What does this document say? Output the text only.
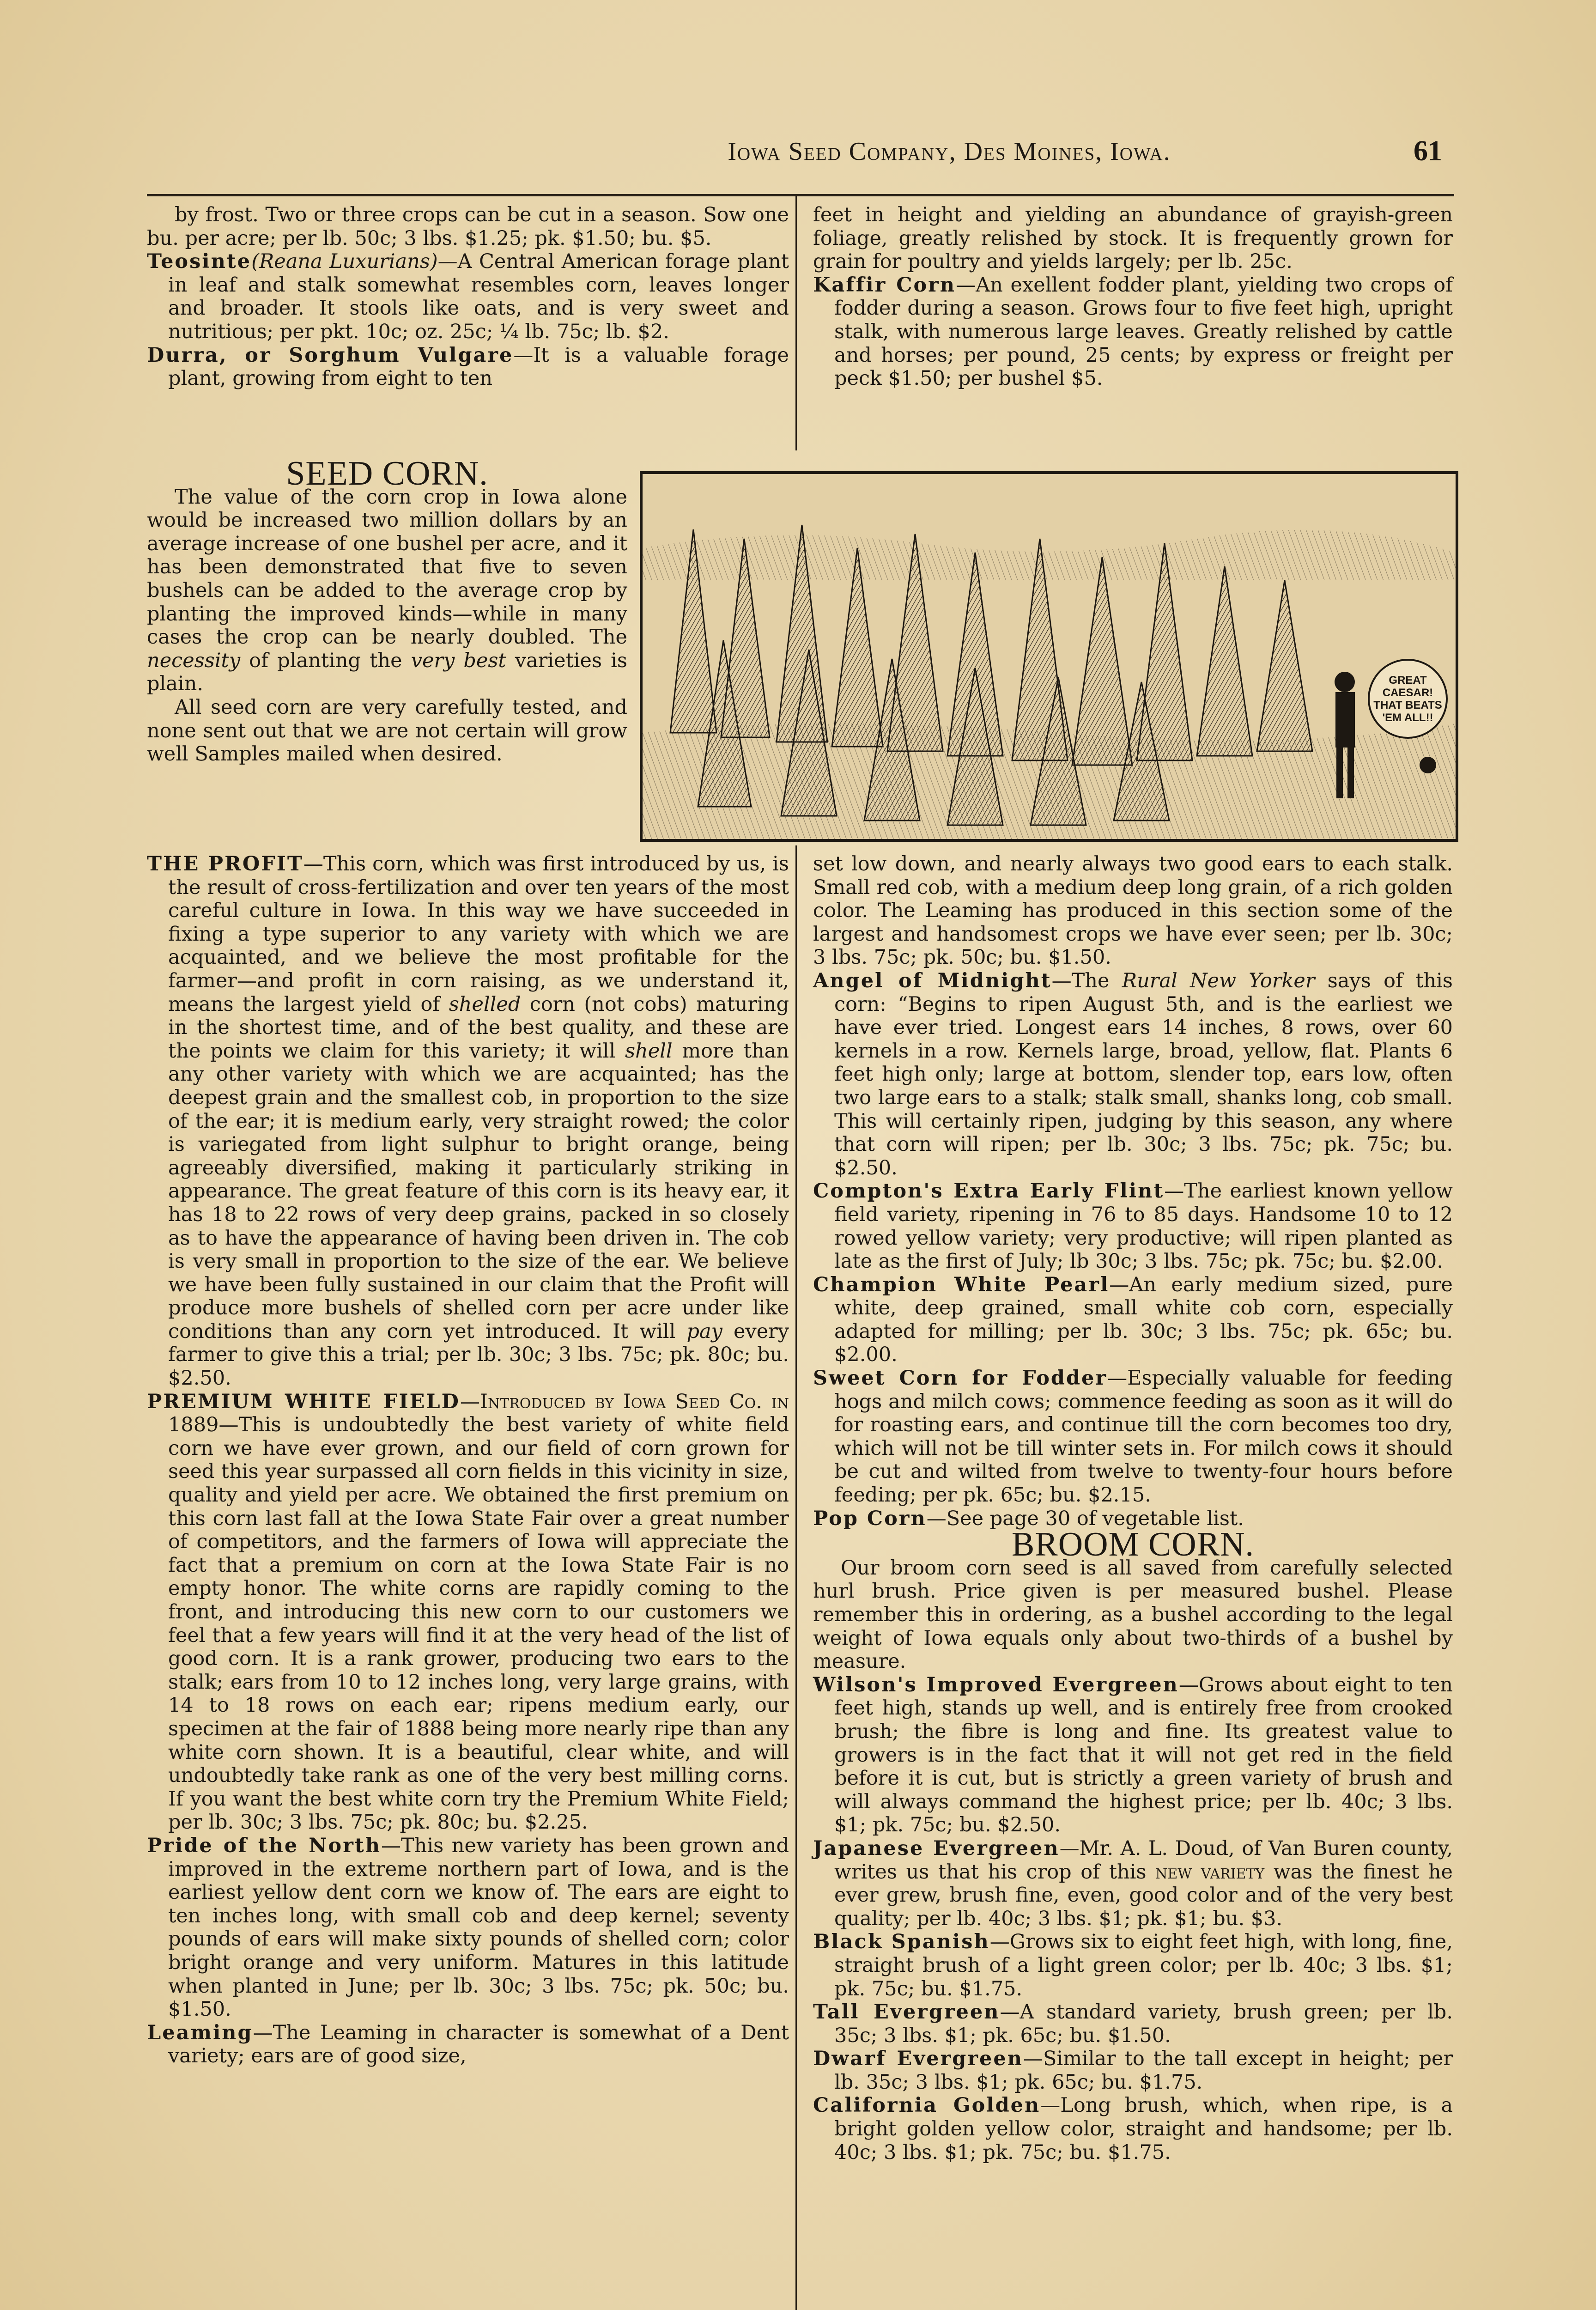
Iowa Seed Company, Des Moines, Iowa.	61

by frost. Two or three crops can be cut in a season. Sow one bu. per acre; per lb. 50c; 3 lbs. $1.25; pk. $1.50; bu. $5.

Teosinte(Reana Luxurians)—A Central American forage plant in leaf and stalk somewhat resembles corn, leaves longer and broader. It stools like oats, and is very sweet and nutritious; per pkt. 10c; oz. 25c; ¼ lb. 75c; lb. $2.

Durra, or Sorghum Vulgare—It is a valuable forage plant, growing from eight to ten

feet in height and yielding an abundance of grayish-green foliage, greatly relished by stock. It is frequently grown for grain for poultry and yields largely; per lb. 25c.

Kaffir Corn—An exellent fodder plant, yielding two crops of fodder during a season. Grows four to five feet high, upright stalk, with numerous large leaves. Greatly relished by cattle and horses; per pound, 25 cents; by express or freight per peck $1.50; per bushel $5.

SEED CORN.

The value of the corn crop in Iowa alone would be increased two million dollars by an average increase of one bushel per acre, and it has been demonstrated that five to seven bushels can be added to the average crop by planting the improved kinds—while in many cases the crop can be nearly doubled. The necessity of planting the very best varieties is plain.

All seed corn are very carefully tested, and none sent out that we are not certain will grow well Samples mailed when desired.

GREAT CAESAR! THAT BEATS 'EM ALL!!

THE PROFIT—This corn, which was first introduced by us, is the result of cross-fertilization and over ten years of the most careful culture in Iowa. In this way we have succeeded in fixing a type superior to any variety with which we are acquainted, and we believe the most profitable for the farmer—and profit in corn raising, as we understand it, means the largest yield of shelled corn (not cobs) maturing in the shortest time, and of the best quality, and these are the points we claim for this variety; it will shell more than any other variety with which we are acquainted; has the deepest grain and the smallest cob, in proportion to the size of the ear; it is medium early, very straight rowed; the color is variegated from light sulphur to bright orange, being agreeably diversified, making it particularly striking in appearance. The great feature of this corn is its heavy ear, it has 18 to 22 rows of very deep grains, packed in so closely as to have the appearance of having been driven in. The cob is very small in proportion to the size of the ear. We believe we have been fully sustained in our claim that the Profit will produce more bushels of shelled corn per acre under like conditions than any corn yet introduced. It will pay every farmer to give this a trial; per lb. 30c; 3 lbs. 75c; pk. 80c; bu. $2.50.

PREMIUM WHITE FIELD—Introduced by Iowa Seed Co. in 1889—This is undoubtedly the best variety of white field corn we have ever grown, and our field of corn grown for seed this year surpassed all corn fields in this vicinity in size, quality and yield per acre. We obtained the first premium on this corn last fall at the Iowa State Fair over a great number of competitors, and the farmers of Iowa will appreciate the fact that a premium on corn at the Iowa State Fair is no empty honor. The white corns are rapidly coming to the front, and introducing this new corn to our customers we feel that a few years will find it at the very head of the list of good corn. It is a rank grower, producing two ears to the stalk; ears from 10 to 12 inches long, very large grains, with 14 to 18 rows on each ear; ripens medium early, our specimen at the fair of 1888 being more nearly ripe than any white corn shown. It is a beautiful, clear white, and will undoubtedly take rank as one of the very best milling corns. If you want the best white corn try the Premium White Field; per lb. 30c; 3 lbs. 75c; pk. 80c; bu. $2.25.

Pride of the North—This new variety has been grown and improved in the extreme northern part of Iowa, and is the earliest yellow dent corn we know of. The ears are eight to ten inches long, with small cob and deep kernel; seventy pounds of ears will make sixty pounds of shelled corn; color bright orange and very uniform. Matures in this latitude when planted in June; per lb. 30c; 3 lbs. 75c; pk. 50c; bu. $1.50.

Leaming—The Leaming in character is somewhat of a Dent variety; ears are of good size,

set low down, and nearly always two good ears to each stalk. Small red cob, with a medium deep long grain, of a rich golden color. The Leaming has produced in this section some of the largest and handsomest crops we have ever seen; per lb. 30c; 3 lbs. 75c; pk. 50c; bu. $1.50.

Angel of Midnight—The Rural New Yorker says of this corn: “Begins to ripen August 5th, and is the earliest we have ever tried. Longest ears 14 inches, 8 rows, over 60 kernels in a row. Kernels large, broad, yellow, flat. Plants 6 feet high only; large at bottom, slender top, ears low, often two large ears to a stalk; stalk small, shanks long, cob small. This will certainly ripen, judging by this season, any where that corn will ripen; per lb. 30c; 3 lbs. 75c; pk. 75c; bu. $2.50.

Compton's Extra Early Flint—The earliest known yellow field variety, ripening in 76 to 85 days. Handsome 10 to 12 rowed yellow variety; very productive; will ripen planted as late as the first of July; lb 30c; 3 lbs. 75c; pk. 75c; bu. $2.00.

Champion White Pearl—An early medium sized, pure white, deep grained, small white cob corn, especially adapted for milling; per lb. 30c; 3 lbs. 75c; pk. 65c; bu. $2.00.

Sweet Corn for Fodder—Especially valuable for feeding hogs and milch cows; commence feeding as soon as it will do for roasting ears, and continue till the corn becomes too dry, which will not be till winter sets in. For milch cows it should be cut and wilted from twelve to twenty-four hours before feeding; per pk. 65c; bu. $2.15.

Pop Corn—See page 30 of vegetable list.

BROOM CORN.

Our broom corn seed is all saved from carefully selected hurl brush. Price given is per measured bushel. Please remember this in ordering, as a bushel according to the legal weight of Iowa equals only about two-thirds of a bushel by measure.

Wilson's Improved Evergreen—Grows about eight to ten feet high, stands up well, and is entirely free from crooked brush; the fibre is long and fine. Its greatest value to growers is in the fact that it will not get red in the field before it is cut, but is strictly a green variety of brush and will always command the highest price; per lb. 40c; 3 lbs. $1; pk. 75c; bu. $2.50.

Japanese Evergreen—Mr. A. L. Doud, of Van Buren county, writes us that his crop of this new variety was the finest he ever grew, brush fine, even, good color and of the very best quality; per lb. 40c; 3 lbs. $1; pk. $1; bu. $3.

Black Spanish—Grows six to eight feet high, with long, fine, straight brush of a light green color; per lb. 40c; 3 lbs. $1; pk. 75c; bu. $1.75.

Tall Evergreen—A standard variety, brush green; per lb. 35c; 3 lbs. $1; pk. 65c; bu. $1.50.

Dwarf Evergreen—Similar to the tall except in height; per lb. 35c; 3 lbs. $1; pk. 65c; bu. $1.75.

California Golden—Long brush, which, when ripe, is a bright golden yellow color, straight and handsome; per lb. 40c; 3 lbs. $1; pk. 75c; bu. $1.75.
